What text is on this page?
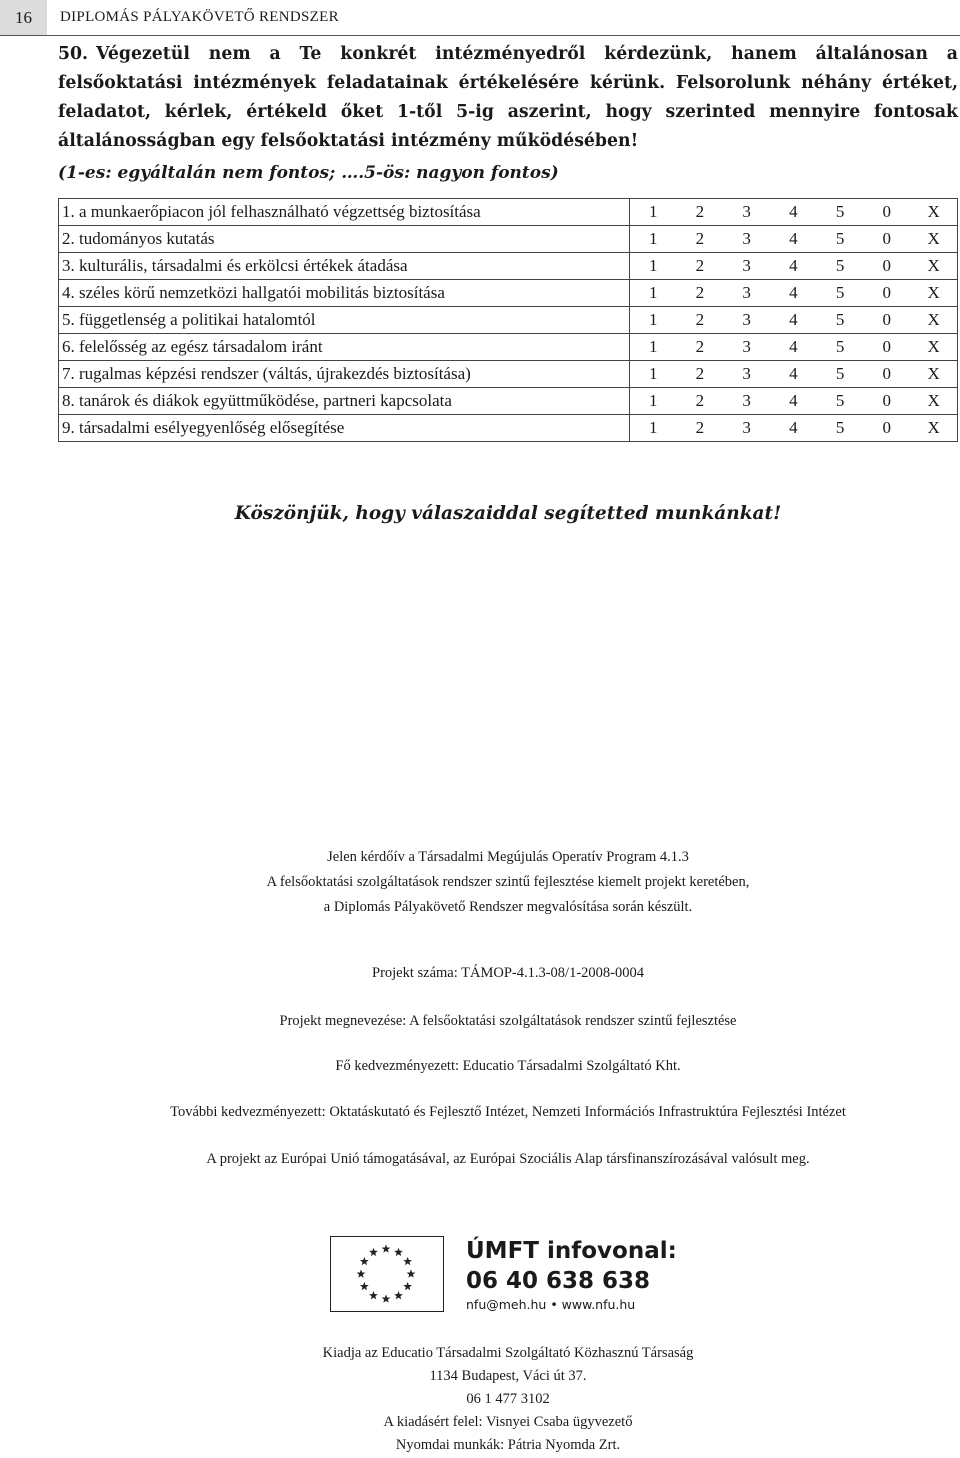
16	DIPLOMÁS PÁLYAKÖVETŐ RENDSZER
50. Végezetül nem a Te konkrét intézményedről kérdezünk, hanem általánosan a felsőoktatási intézmények feladatainak értékelésére kérünk. Felsorolunk néhány értéket, feladatot, kérlek, értékeld őket 1-től 5-ig aszerint, hogy szerinted mennyire fontosak általánosságban egy felsőoktatási intézmény működésében!
(1-es: egyáltalán nem fontos; ….5-ös: nagyon fontos)
1. a munkaerőpiacon jól felhasználható végzettség biztosítása	1	2	3	4	5	0	X
2. tudományos kutatás	1	2	3	4	5	0	X
3. kulturális, társadalmi és erkölcsi értékek átadása	1	2	3	4	5	0	X
4. széles körű nemzetközi hallgatói mobilitás biztosítása	1	2	3	4	5	0	X
5. függetlenség a politikai hatalomtól	1	2	3	4	5	0	X
6. felelősség az egész társadalom iránt	1	2	3	4	5	0	X
7. rugalmas képzési rendszer (váltás, újrakezdés biztosítása)	1	2	3	4	5	0	X
8. tanárok és diákok együttműködése, partneri kapcsolata	1	2	3	4	5	0	X
9. társadalmi esélyegyenlőség elősegítése	1	2	3	4	5	0	X
Köszönjük, hogy válaszaiddal segítetted munkánkat!
Jelen kérdőív a Társadalmi Megújulás Operatív Program 4.1.3
A felsőoktatási szolgáltatások rendszer szintű fejlesztése kiemelt projekt keretében,
a Diplomás Pályakövető Rendszer megvalósítása során készült.
Projekt száma: TÁMOP-4.1.3-08/1-2008-0004
Projekt megnevezése: A felsőoktatási szolgáltatások rendszer szintű fejlesztése
Fő kedvezményezett: Educatio Társadalmi Szolgáltató Kht.
További kedvezményezett: Oktatáskutató és Fejlesztő Intézet, Nemzeti Információs Infrastruktúra Fejlesztési Intézet
A projekt az Európai Unió támogatásával, az Európai Szociális Alap társfinanszírozásával valósult meg.
ÚMFT infovonal:
06 40 638 638
nfu@meh.hu • www.nfu.hu
Kiadja az Educatio Társadalmi Szolgáltató Közhasznú Társaság
1134 Budapest, Váci út 37.
06 1 477 3102
A kiadásért felel: Visnyei Csaba ügyvezető
Nyomdai munkák: Pátria Nyomda Zrt.
